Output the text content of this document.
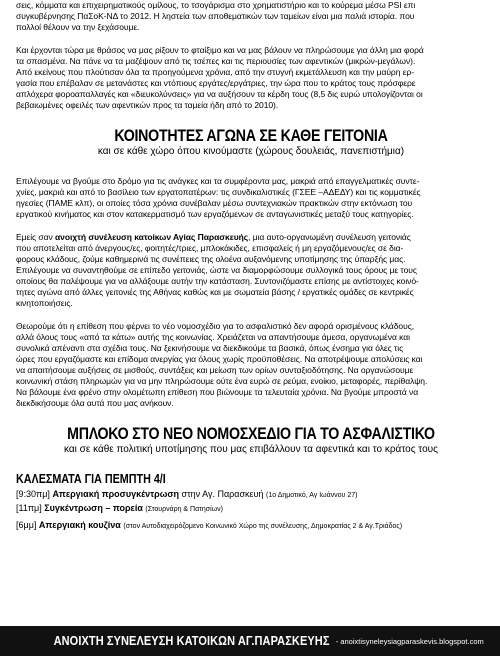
σεις, κόμματα και επιχειρηματικούς ομίλους, το τσογάρισμα στο χρηματιστήριο και το κούρεμα μέσω PSI επι

συγκυβέρνησης ΠαΣοΚ-ΝΔ το 2012. Η ληστεία των αποθεματικών των ταμείων είναι μια παλιά ιστορία. που

πολλοί θέλουν να την ξεχάσουμε.

Και έρχονται τώρα με θράσος να μας ρίξουν το φταίξιμο και να μας βάλουν να πληρώσουμε για άλλη μια φορά

τα σπασμένα. Να πάνε να τα μαζέψουν από τις τσέπες και τις περιουσίες των αφεντικών (μικρών-μεγάλων).

Από εκείνους που πλούτισαν όλα τα προηγούμενα χρόνια, από την στυγνή εκμετάλλευση και την μαύρη ερ-

γασία που επέβαλαν σε μετανάστες και ντόπιους εργάτες/εργάτριες, την ώρα που το κράτος τους πρόσφερε

απλόχερα φοροαπαλλαγές και «διευκολύνσεις» για να αυξήσουν τα κέρδη τους (8,5 δις ευρώ υπολογίζονται οι

βεβαιωμένες οφειλές των αφεντικών προς τα ταμεία ήδη από το 2010).

ΚΟΙΝΟΤΗΤΕΣ ΑΓΩΝΑ ΣΕ ΚΑΘΕ ΓΕΙΤΟΝΙΑ
και σε κάθε χώρο όπου κινούμαστε (χώρους δουλειάς, πανεπιστήμια)

Επιλέγουμε να βγούμε στο δρόμο για τις ανάγκες και τα συμφέροντα μας, μακριά από επαγγελματικές συντε-

χνίες, μακριά και από το βασίλειο των εργατοπατέρων: τις συνδικαλιστικές (ΓΣΕΕ –ΑΔΕΔΥ) και τις κομματικές

ηγεσίες (ΠΑΜΕ κλπ), οι οποίες τόσα χρόνια συνέβαλαν μέσω συντεχνιακών πρακτικών στην εκτόνωση του

εργατικού κινήματος και στον κατακερματισμό των εργαζόμενων σε ανταγωνιστικές μεταξύ τους κατηγορίες.

Εμείς σαν ανοιχτή συνέλευση κατοίκων Αγίας Παρασκευής, μια αυτο-οργανωμένη συνέλευση γειτονιάς

που αποτελείται από άνεργους/ες, φοιτητές/τριες, μπλοκάκιδες, επισφαλείς ή μη εργαζόμενους/ες σε δια-

φορους κλάδους, ζούμε καθημερινά τις συνέπειες της ολοένα αυξανόμενης υποτίμησης της ύπαρξής μας.

Επιλέγουμε να συναντηθούμε σε επίπεδο γειτονιάς, ώστε να διαμορφώσουμε συλλογικά τους όρους με τους

οποίους θα παλέψουμε για να αλλάξουμε αυτήν την κατάσταση. Συντονιζόμαστε επίσης με αντίστοιχες κοινό-

τητες αγώνα από άλλες γειτονιές της Αθήνας καθώς και με σωματεία βάσης / εργατικές ομάδες σε κεντρικές

κινητοποιήσεις.

Θεωρούμε ότι η επίθεση που φέρνει το νέο νομοσχέδιο για το ασφαλιστικό δεν αφορά ορισμένους κλάδους,

αλλά όλους τους «από τα κάτω» αυτής της κοινωνίας. Χρειάζεται να απαντήσουμε άμεσα, οργανωμένα και

συνολικά απέναντι στα σχέδια τους. Να ξεκινήσουμε να διεκδικούμε τα βασικά, όπως ένσημα για όλες τις

ώρες που εργαζόμαστε και επίδομα ανεργίας για όλους χωρίς προϋποθέσεις. Να αποτρέψουμε απολύσεις και

να απαιτήσουμε αυξήσεις σε μισθούς, συντάξεις και μείωση των ορίων συνταξιοδότησης. Να οργανώσουμε

κοινωνική στάση πληρωμών για να μην πληρώσουμε ούτε ένα ευρώ σε ρεύμα, ενοίκιο, μεταφορές, περίθαλψη.

Να βάλουμε ένα φρένο στην ολομέτωπη επίθεση που βιώνουμε τα τελευταία χρόνια. Να βγούμε μπροστά να

διεκδικήσουμε όλα αυτά που μας ανήκουν.

ΜΠΛΟΚΟ ΣΤΟ ΝΕΟ ΝΟΜΟΣΧΕΔΙΟ ΓΙΑ ΤΟ ΑΣΦΑΛΙΣΤΙΚΟ
και σε κάθε πολιτική υποτίμησης που μας επιβάλλουν τα αφεντικά και το κράτος τους
ΚΑΛΕΣΜΑΤΑ ΓΙΑ ΠΕΜΠΤΗ 4/Ι
[9:30πμ] Απεργιακή προσυγκέντρωση στην Αγ. Παρασκευή (1ο Δημοτικό, Αγ Ιωάννου 27)
[11πμ] Συγκέντρωση – πορεία (Στουρνάρη & Πατησίων)
[6μμ] Απεργιακή κουζίνα (στον Αυτοδιαχειρόζομενο Κοινωνικό Χώρο της συνέλευσης, Δημοκρατίας 2 & Αγ.Τριάδος)
ΑΝΟΙΧΤΗ ΣΥΝΕΛΕΥΣΗ ΚΑΤΟΙΚΩΝ ΑΓ.ΠΑΡΑΣΚΕΥΗΣ - anoixtisyneleysiagparaskevis.blogspot.com
